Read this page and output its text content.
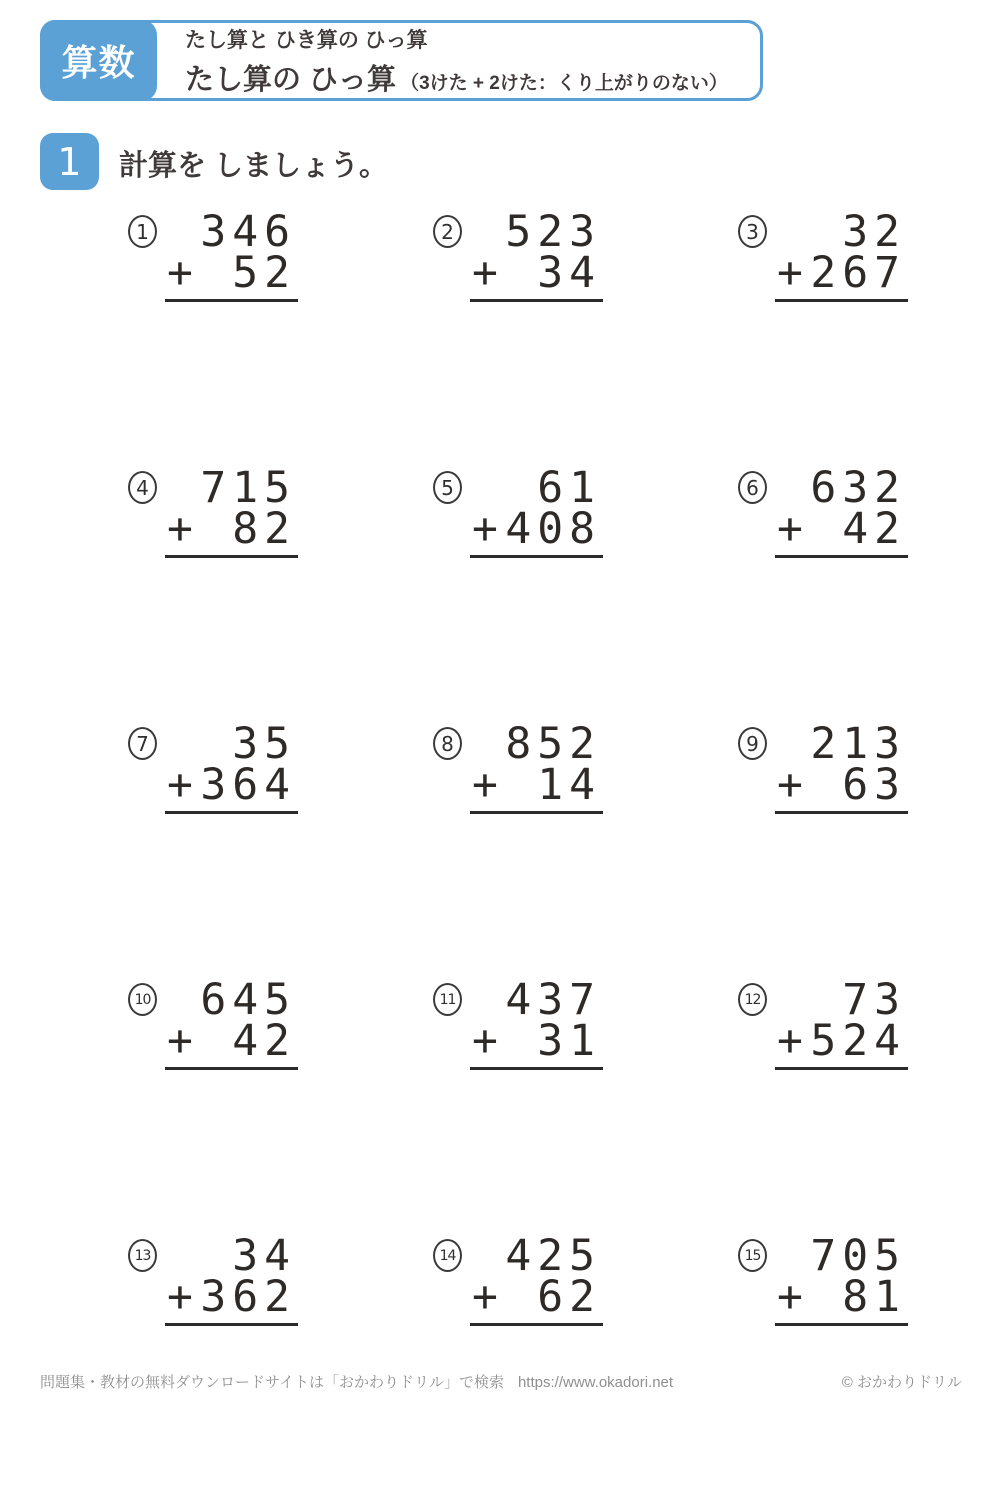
算数
たし算と ひき算の ひっ算
たし算の ひっ算 （3けた + 2けた：くり上がりのない）
1	計算を しましょう。
1	346
+ 52
2	523
+ 34
3	32
+ 267
4	715
+ 82
5	61
+ 408
6	632
+ 42
7	35
+ 364
8	852
+ 14
9	213
+ 63
10	645
+ 42
11	437
+ 31
12	73
+ 524
13	34
+ 362
14	425
+ 62
15	705
+ 81
問題集・教材の無料ダウンロードサイトは「おかわりドリル」で検索 https://www.okadori.net	© おかわりドリル
